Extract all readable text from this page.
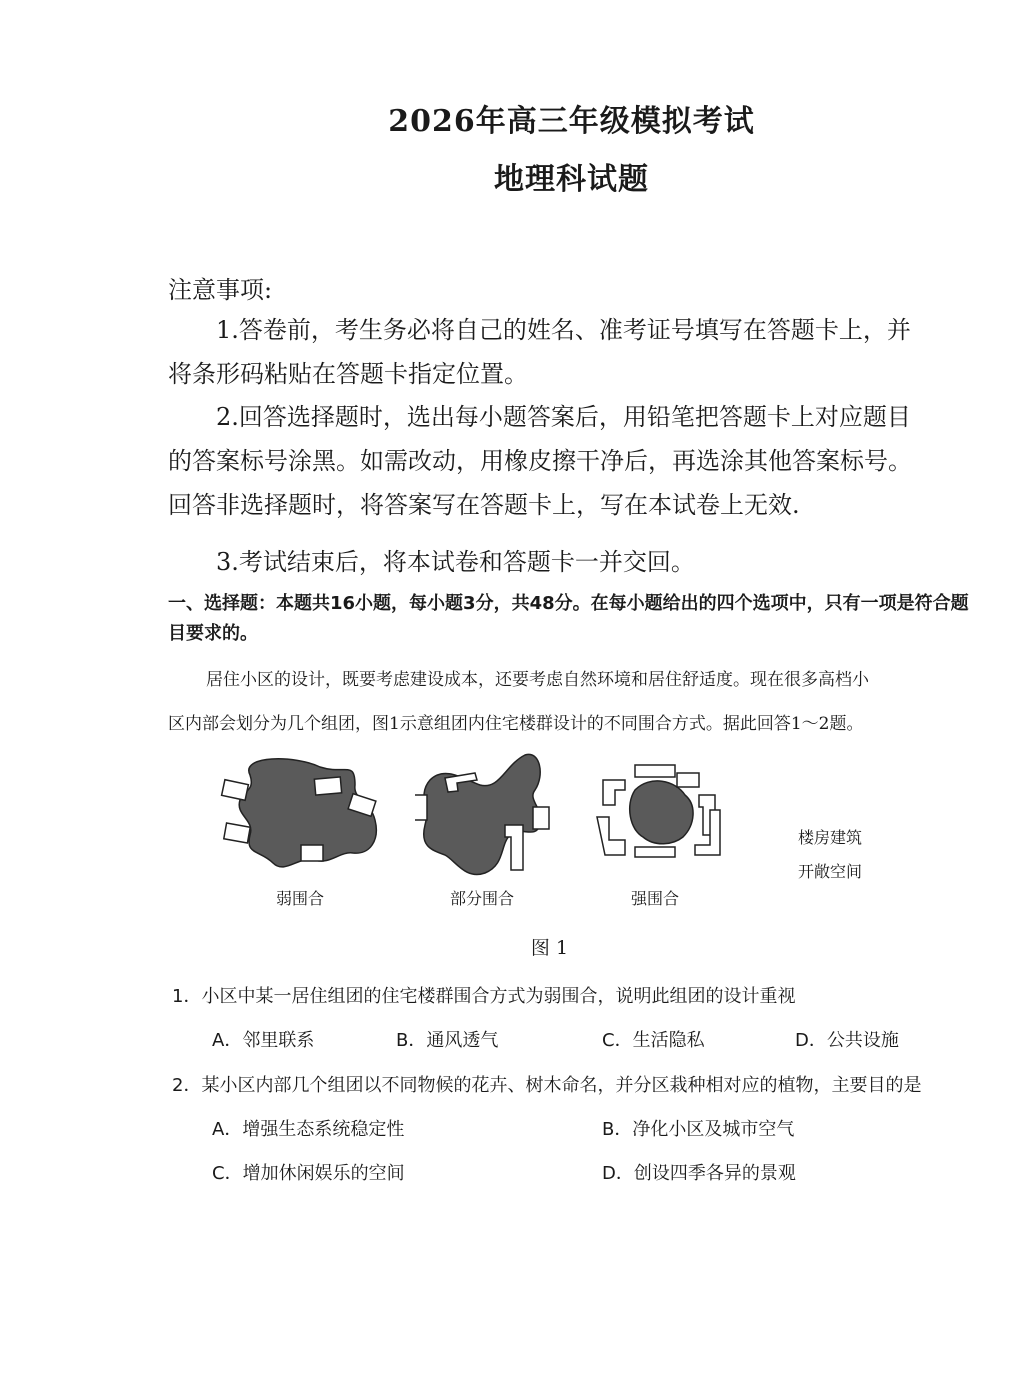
2026年高三年级模拟考试
地理科试题
注意事项:
1.答卷前，考生务必将自己的姓名、准考证号填写在答题卡上，并
将条形码粘贴在答题卡指定位置。
2.回答选择题时，选出每小题答案后，用铅笔把答题卡上对应题目
的答案标号涂黑。如需改动，用橡皮擦干净后，再选涂其他答案标号。
回答非选择题时，将答案写在答题卡上，写在本试卷上无效.
3.考试结束后，将本试卷和答题卡一并交回。
一、选择题：本题共16小题，每小题3分，共48分。在每小题给出的四个选项中，只有一项是符合题目要求的。
居住小区的设计，既要考虑建设成本，还要考虑自然环境和居住舒适度。现在很多高档小
区内部会划分为几个组团，图1示意组团内住宅楼群设计的不同围合方式。据此回答1～2题。
弱围合	部分围合	强围合
楼房建筑
开敞空间
图 1
1．小区中某一居住组团的住宅楼群围合方式为弱围合，说明此组团的设计重视
A．邻里联系	B．通风透气	C．生活隐私	D．公共设施
2．某小区内部几个组团以不同物候的花卉、树木命名，并分区栽种相对应的植物，主要目的是
A．增强生态系统稳定性	B．净化小区及城市空气
C．增加休闲娱乐的空间	D．创设四季各异的景观
